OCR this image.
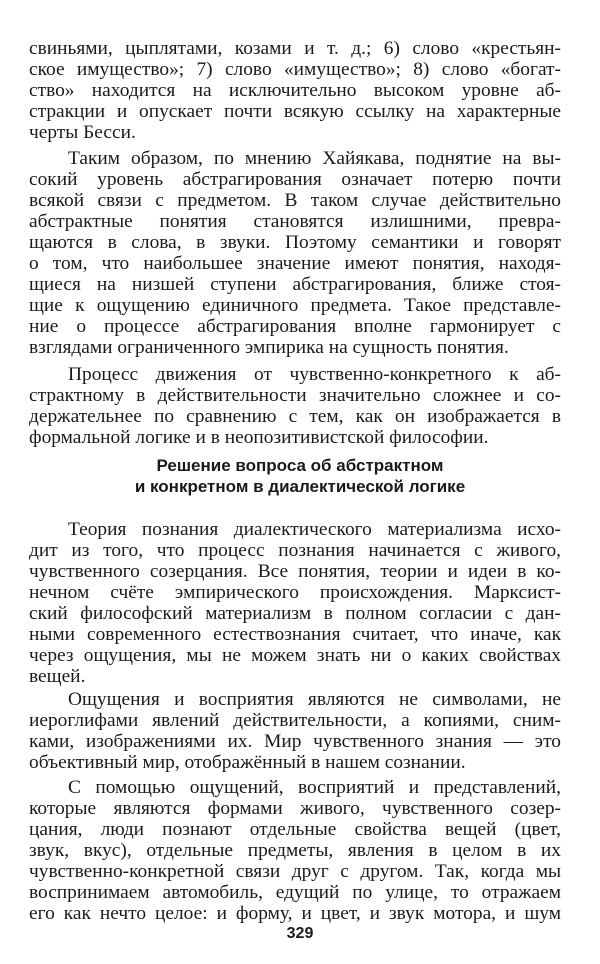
свиньями, цыплятами, козами и т. д.; 6) слово «крестьян-
ское имущество»; 7) слово «имущество»; 8) слово «богат-
ство» находится на исключительно высоком уровне аб-
стракции и опускает почти всякую ссылку на характерные
черты Бесси.
Таким образом, по мнению Хайякава, поднятие на вы-
сокий уровень абстрагирования означает потерю почти
всякой связи с предметом. В таком случае действительно
абстрактные понятия становятся излишними, превра-
щаются в слова, в звуки. Поэтому семантики и говорят
о том, что наибольшее значение имеют понятия, находя-
щиеся на низшей ступени абстрагирования, ближе стоя-
щие к ощущению единичного предмета. Такое представле-
ние о процессе абстрагирования вполне гармонирует с
взглядами ограниченного эмпирика на сущность понятия.
Процесс движения от чувственно-конкретного к аб-
страктному в действительности значительно сложнее и со-
держательнее по сравнению с тем, как он изображается в
формальной логике и в неопозитивистской философии.
Решение вопроса об абстрактном
и конкретном в диалектической логике
Теория познания диалектического материализма исхо-
дит из того, что процесс познания начинается с живого,
чувственного созерцания. Все понятия, теории и идеи в ко-
нечном счёте эмпирического происхождения. Марксист-
ский философский материализм в полном согласии с дан-
ными современного естествознания считает, что иначе, как
через ощущения, мы не можем знать ни о каких свойствах
вещей.
Ощущения и восприятия являются не символами, не
иероглифами явлений действительности, а копиями, сним-
ками, изображениями их. Мир чувственного знания — это
объективный мир, отображённый в нашем сознании.
С помощью ощущений, восприятий и представлений,
которые являются формами живого, чувственного созер-
цания, люди познают отдельные свойства вещей (цвет,
звук, вкус), отдельные предметы, явления в целом в их
чувственно-конкретной связи друг с другом. Так, когда мы
воспринимаем автомобиль, едущий по улице, то отражаем
его как нечто целое: и форму, и цвет, и звук мотора, и шум
329
